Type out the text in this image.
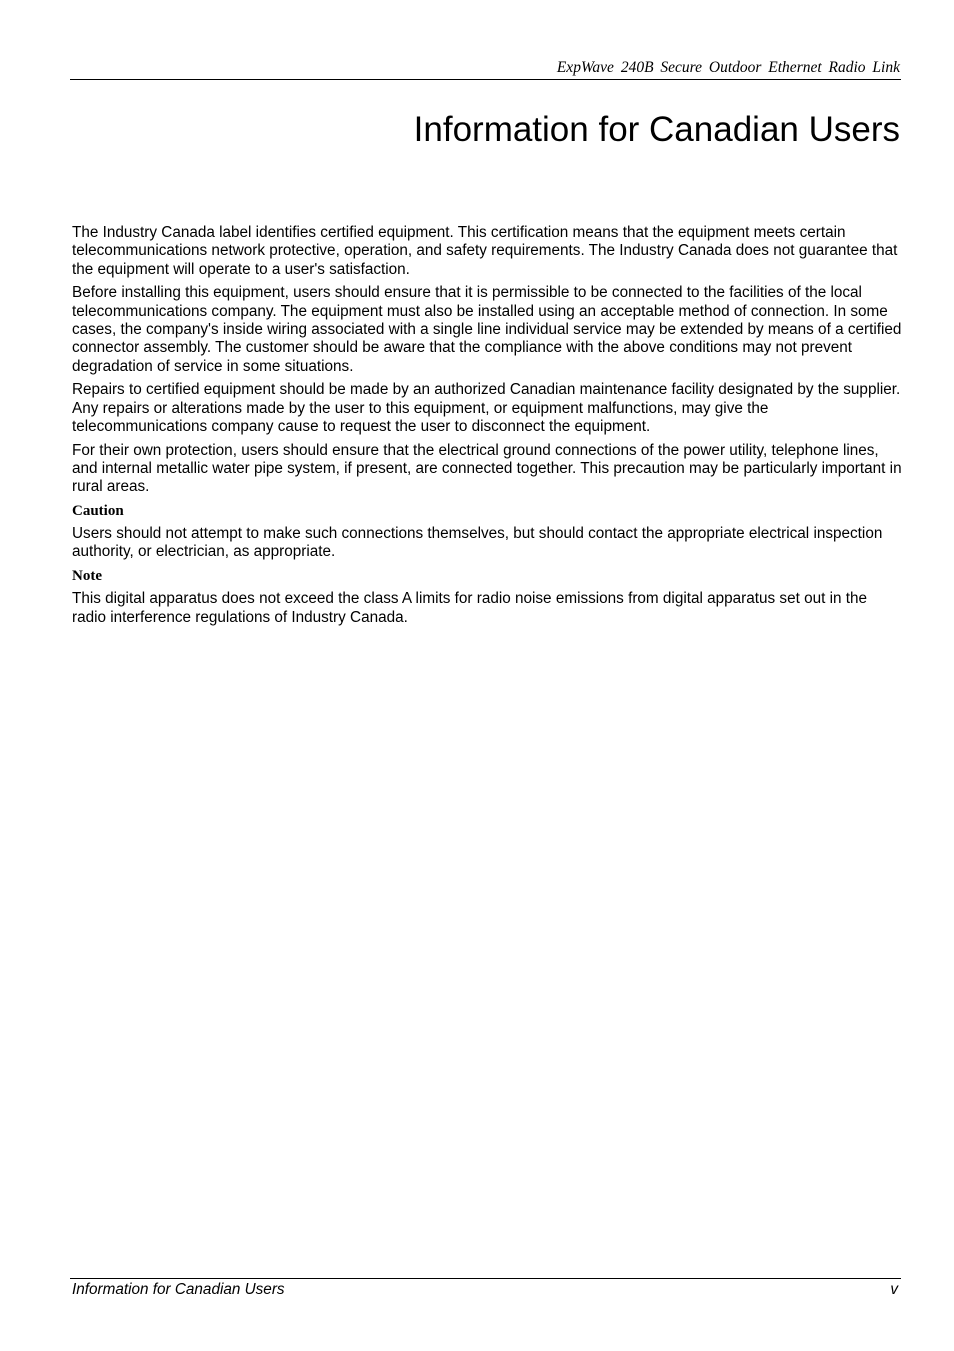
ExpWave 240B Secure Outdoor Ethernet Radio Link
Information for Canadian Users

The Industry Canada label identifies certified equipment. This certification means that the equipment meets certain telecommunications network protective, operation, and safety requirements. The Industry Canada does not guarantee that the equipment will operate to a user's satisfaction.

Before installing this equipment, users should ensure that it is permissible to be connected to the facilities of the local telecommunications company. The equipment must also be installed using an acceptable method of connection. In some cases, the company's inside wiring associated with a single line individual service may be extended by means of a certified connector assembly. The customer should be aware that the compliance with the above conditions may not prevent degradation of service in some situations.

Repairs to certified equipment should be made by an authorized Canadian maintenance facility designated by the supplier. Any repairs or alterations made by the user to this equipment, or equipment malfunctions, may give the telecommunications company cause to request the user to disconnect the equipment.

For their own protection, users should ensure that the electrical ground connections of the power utility, telephone lines, and internal metallic water pipe system, if present, are connected together. This precaution may be particularly important in rural areas.

Caution

Users should not attempt to make such connections themselves, but should contact the appropriate electrical inspection authority, or electrician, as appropriate.

Note

This digital apparatus does not exceed the class A limits for radio noise emissions from digital apparatus set out in the radio interference regulations of Industry Canada.

Information for Canadian Users	v
